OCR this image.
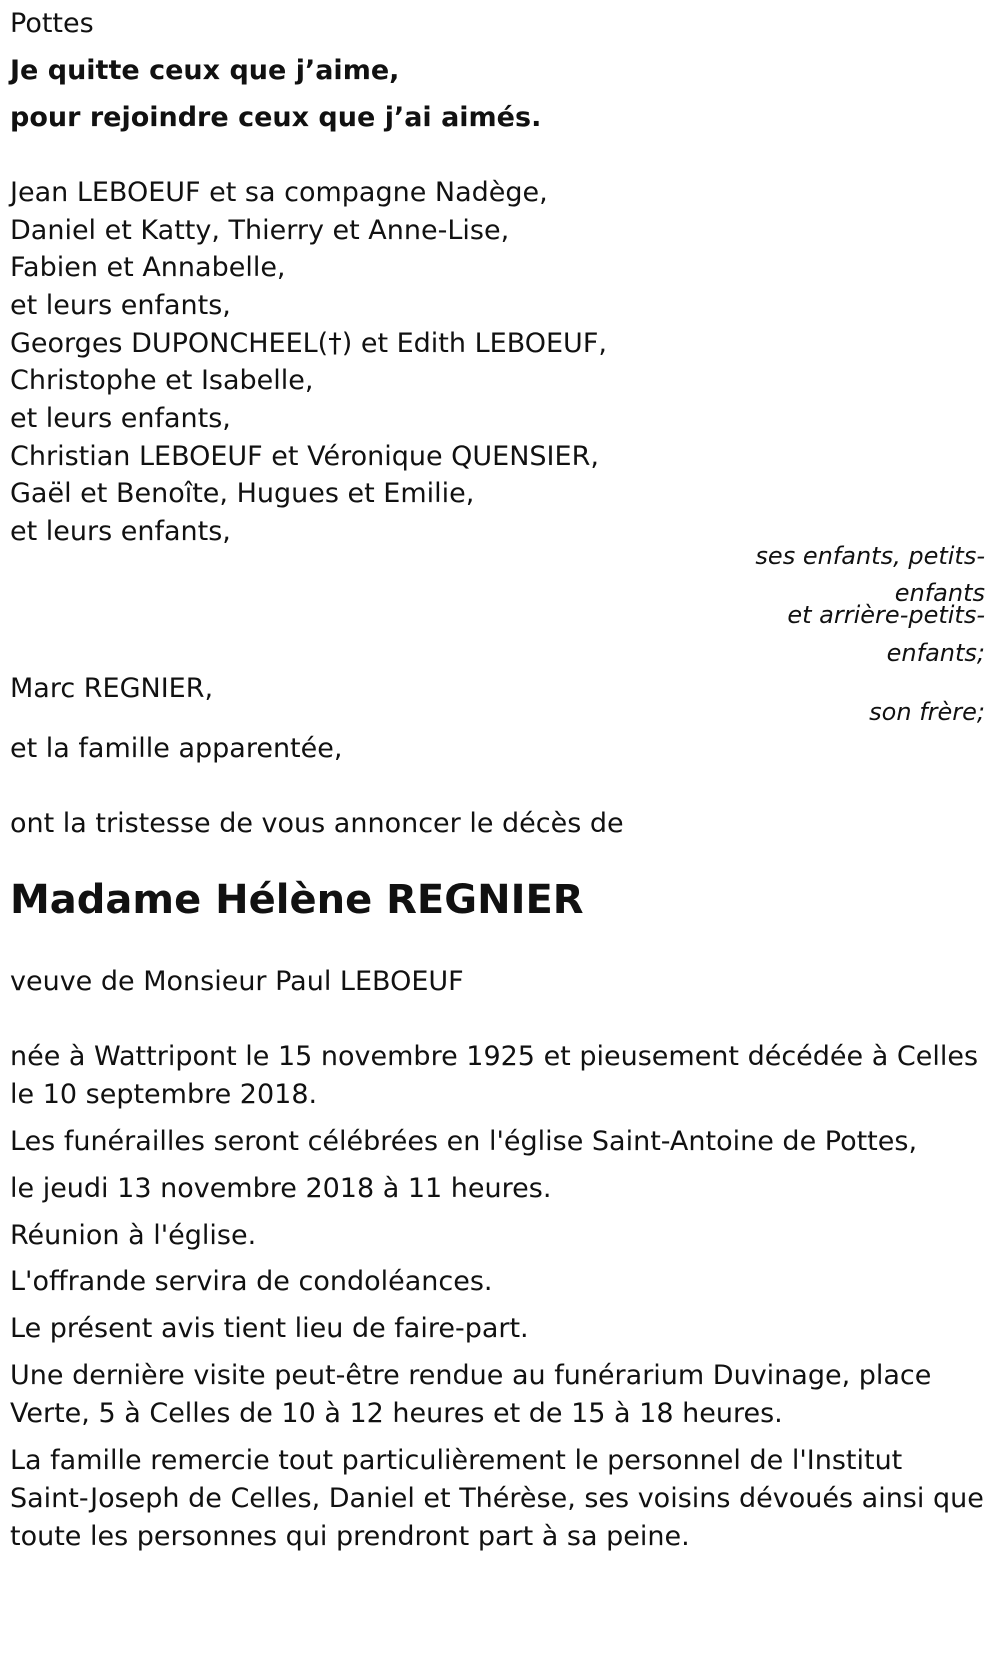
Pottes
Je quitte ceux que j’aime,
pour rejoindre ceux que j’ai aimés.
Jean LEBOEUF et sa compagne Nadège,
Daniel et Katty, Thierry et Anne-Lise,
Fabien et Annabelle,
et leurs enfants,
Georges DUPONCHEEL(†) et Edith LEBOEUF,
Christophe et Isabelle,
et leurs enfants,
Christian LEBOEUF et Véronique QUENSIER,
Gaël et Benoîte, Hugues et Emilie,
et leurs enfants,
ses enfants, petits-
enfants
et arrière-petits-
enfants;
Marc REGNIER,
son frère;
et la famille apparentée,
ont la tristesse de vous annoncer le décès de
Madame Hélène REGNIER
veuve de Monsieur Paul LEBOEUF
née à Wattripont le 15 novembre 1925 et pieusement décédée à Celles le 10 septembre 2018.
Les funérailles seront célébrées en l'église Saint-Antoine de Pottes,
le jeudi 13 novembre 2018 à 11 heures.
Réunion à l'église.
L'offrande servira de condoléances.
Le présent avis tient lieu de faire-part.
Une dernière visite peut-être rendue au funérarium Duvinage, place Verte, 5 à Celles de 10 à 12 heures et de 15 à 18 heures.
La famille remercie tout particulièrement le personnel de l'Institut Saint-Joseph de Celles, Daniel et Thérèse, ses voisins dévoués ainsi que toute les personnes qui prendront part à sa peine.
